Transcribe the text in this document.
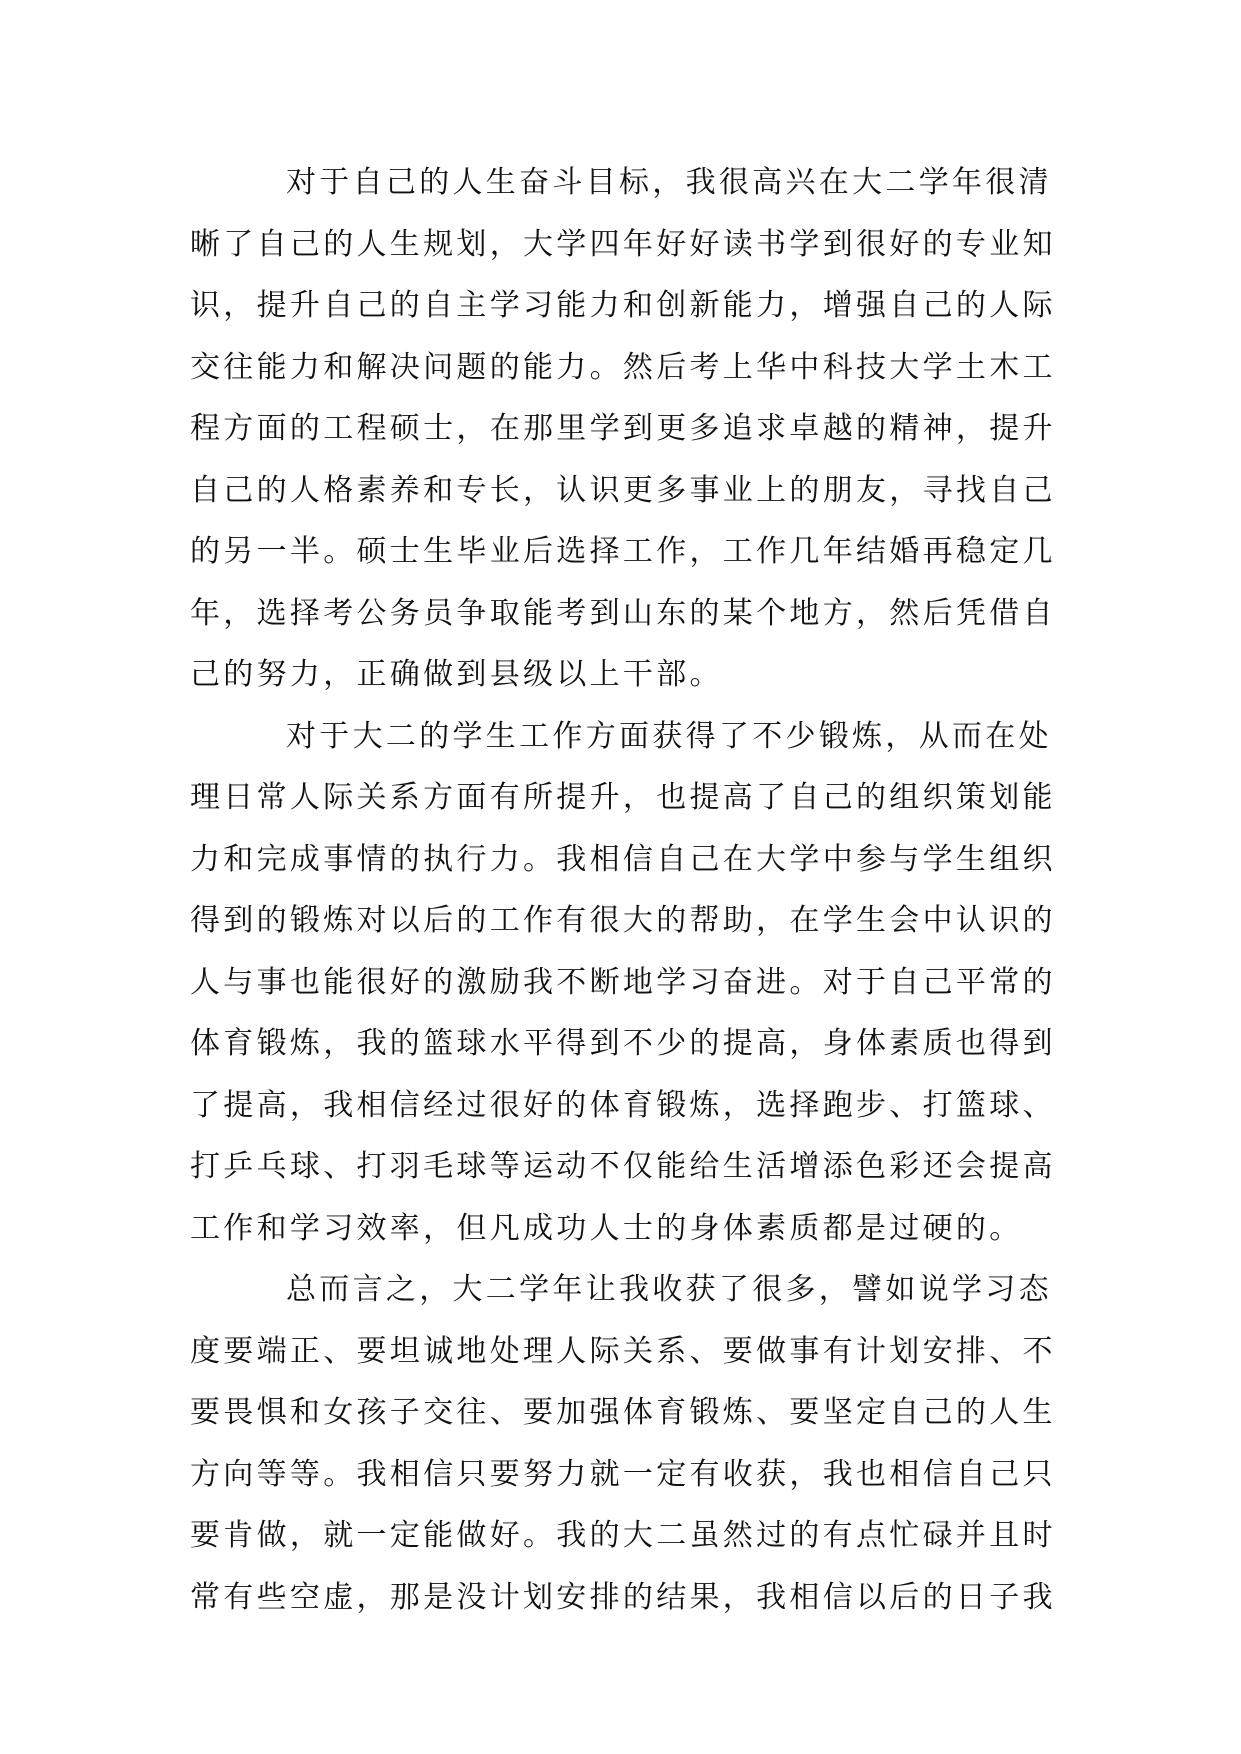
对于自己的人生奋斗目标，我很高兴在大二学年很清
晰了自己的人生规划，大学四年好好读书学到很好的专业知
识，提升自己的自主学习能力和创新能力，增强自己的人际
交往能力和解决问题的能力。然后考上华中科技大学土木工
程方面的工程硕士，在那里学到更多追求卓越的精神，提升
自己的人格素养和专长，认识更多事业上的朋友，寻找自己
的另一半。硕士生毕业后选择工作，工作几年结婚再稳定几
年，选择考公务员争取能考到山东的某个地方，然后凭借自
己的努力，正确做到县级以上干部。
对于大二的学生工作方面获得了不少锻炼，从而在处
理日常人际关系方面有所提升，也提高了自己的组织策划能
力和完成事情的执行力。我相信自己在大学中参与学生组织
得到的锻炼对以后的工作有很大的帮助，在学生会中认识的
人与事也能很好的激励我不断地学习奋进。对于自己平常的
体育锻炼，我的篮球水平得到不少的提高，身体素质也得到
了提高，我相信经过很好的体育锻炼，选择跑步、打篮球、
打乒乓球、打羽毛球等运动不仅能给生活增添色彩还会提高
工作和学习效率，但凡成功人士的身体素质都是过硬的。
总而言之，大二学年让我收获了很多，譬如说学习态
度要端正、要坦诚地处理人际关系、要做事有计划安排、不
要畏惧和女孩子交往、要加强体育锻炼、要坚定自己的人生
方向等等。我相信只要努力就一定有收获，我也相信自己只
要肯做，就一定能做好。我的大二虽然过的有点忙碌并且时
常有些空虚，那是没计划安排的结果，我相信以后的日子我
